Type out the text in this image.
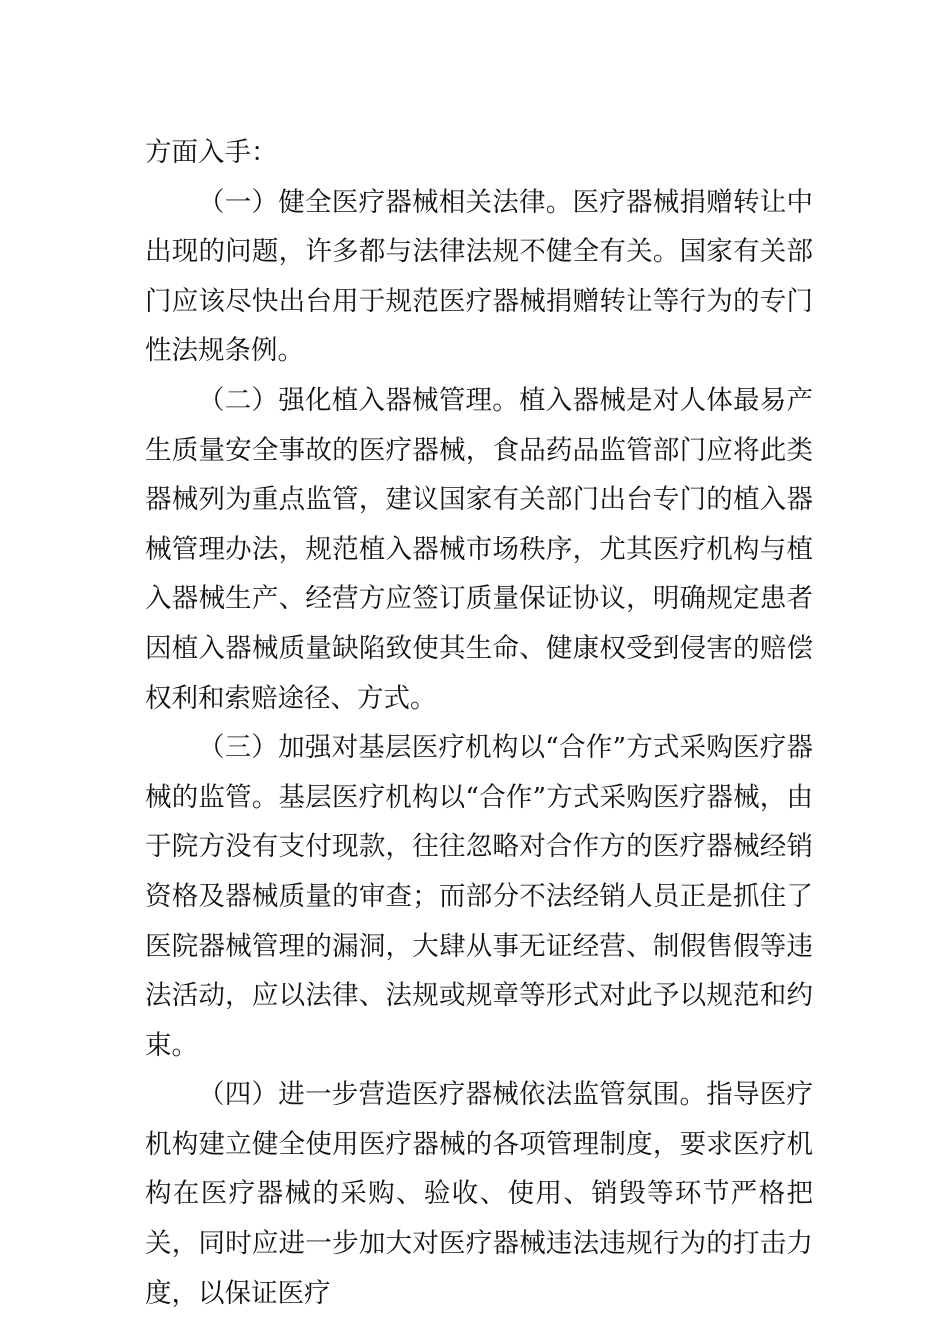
方面入手：

（一）健全医疗器械相关法律。医疗器械捐赠转让中出现的问题，许多都与法律法规不健全有关。国家有关部门应该尽快出台用于规范医疗器械捐赠转让等行为的专门性法规条例。

（二）强化植入器械管理。植入器械是对人体最易产生质量安全事故的医疗器械，食品药品监管部门应将此类器械列为重点监管，建议国家有关部门出台专门的植入器械管理办法，规范植入器械市场秩序，尤其医疗机构与植入器械生产、经营方应签订质量保证协议，明确规定患者因植入器械质量缺陷致使其生命、健康权受到侵害的赔偿权利和索赔途径、方式。

（三）加强对基层医疗机构以“合作”方式采购医疗器械的监管。基层医疗机构以“合作”方式采购医疗器械，由于院方没有支付现款，往往忽略对合作方的医疗器械经销资格及器械质量的审查；而部分不法经销人员正是抓住了医院器械管理的漏洞，大肆从事无证经营、制假售假等违法活动，应以法律、法规或规章等形式对此予以规范和约束。

（四）进一步营造医疗器械依法监管氛围。指导医疗机构建立健全使用医疗器械的各项管理制度，要求医疗机构在医疗器械的采购、验收、使用、销毁等环节严格把关，同时应进一步加大对医疗器械违法违规行为的打击力度，以保证医疗
